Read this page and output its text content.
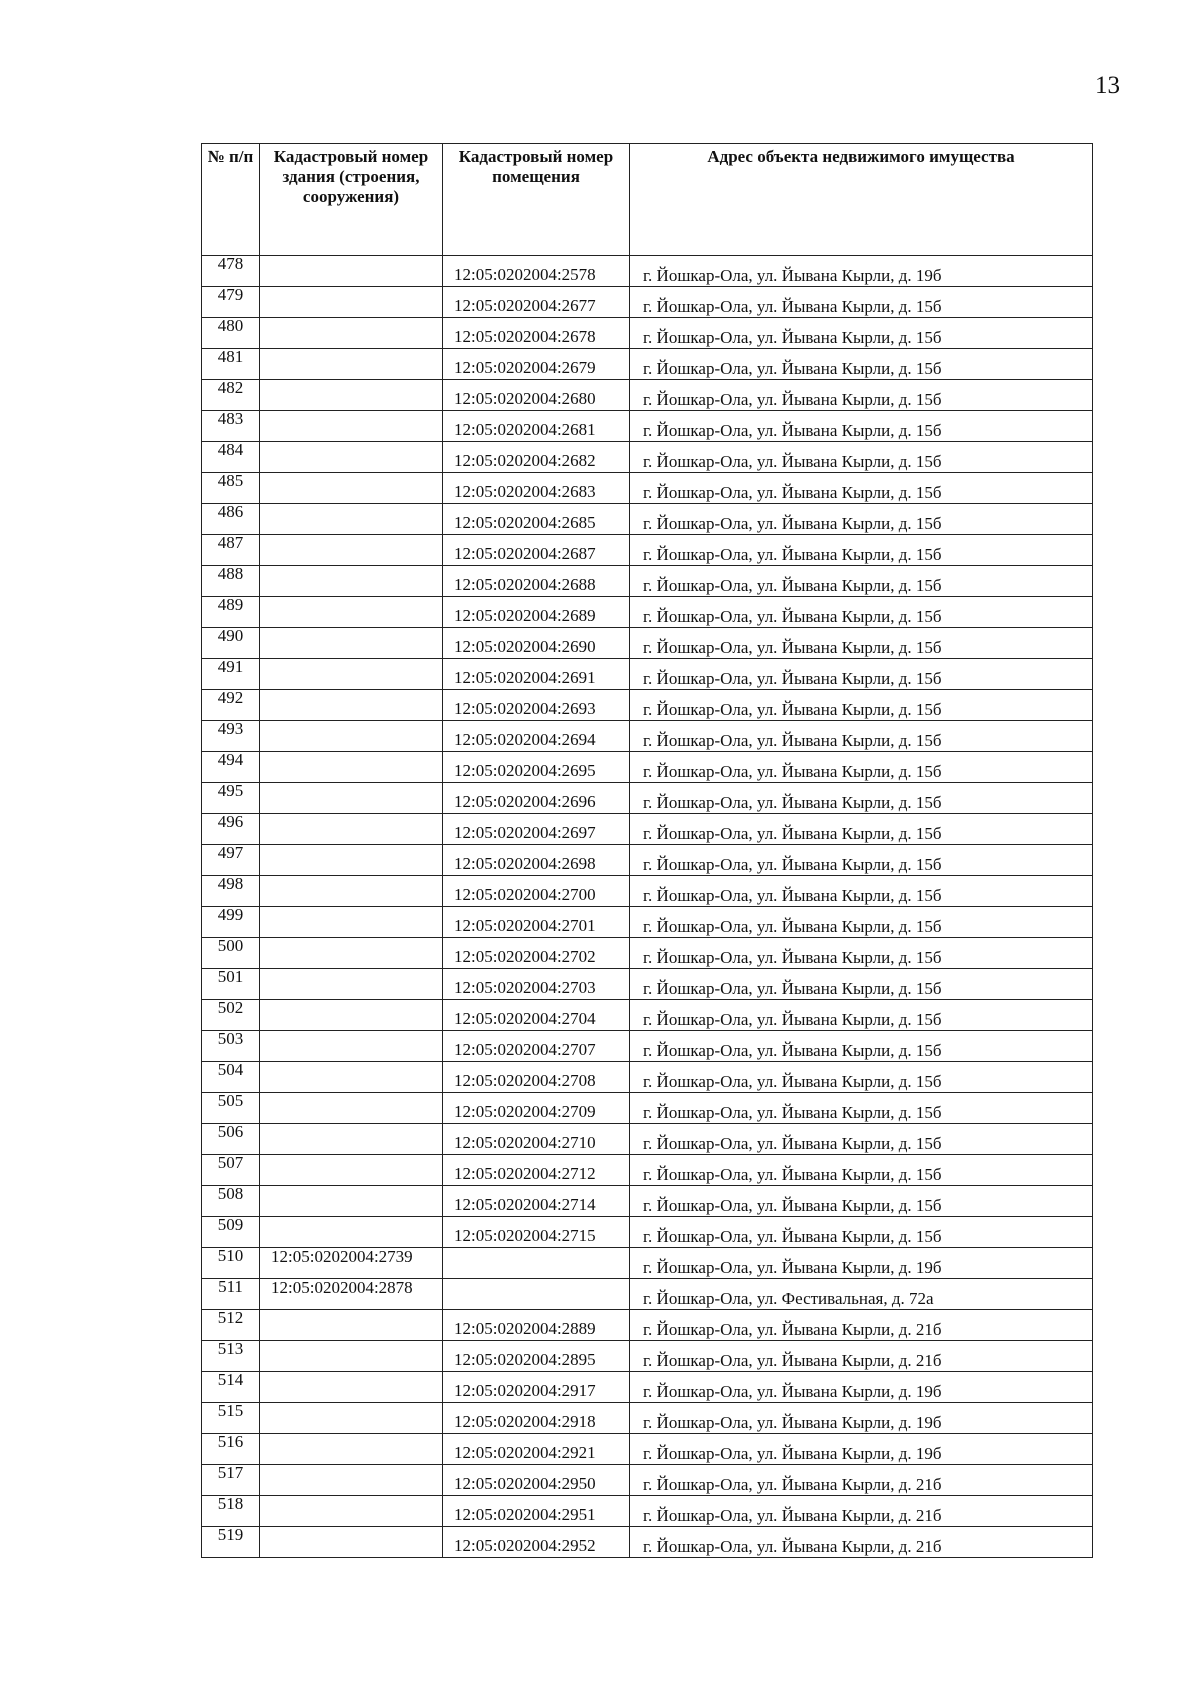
13
№ п/п	Кадастровый номер здания (строения, сооружения)	Кадастровый номер помещения	Адрес объекта недвижимого имущества

478		12:05:0202004:2578	г. Йошкар-Ола, ул. Йывана Кырли, д. 19б

479		12:05:0202004:2677	г. Йошкар-Ола, ул. Йывана Кырли, д. 15б

480		12:05:0202004:2678	г. Йошкар-Ола, ул. Йывана Кырли, д. 15б

481		12:05:0202004:2679	г. Йошкар-Ола, ул. Йывана Кырли, д. 15б

482		12:05:0202004:2680	г. Йошкар-Ола, ул. Йывана Кырли, д. 15б

483		12:05:0202004:2681	г. Йошкар-Ола, ул. Йывана Кырли, д. 15б

484		12:05:0202004:2682	г. Йошкар-Ола, ул. Йывана Кырли, д. 15б

485		12:05:0202004:2683	г. Йошкар-Ола, ул. Йывана Кырли, д. 15б

486		12:05:0202004:2685	г. Йошкар-Ола, ул. Йывана Кырли, д. 15б

487		12:05:0202004:2687	г. Йошкар-Ола, ул. Йывана Кырли, д. 15б

488		12:05:0202004:2688	г. Йошкар-Ола, ул. Йывана Кырли, д. 15б

489		12:05:0202004:2689	г. Йошкар-Ола, ул. Йывана Кырли, д. 15б

490		12:05:0202004:2690	г. Йошкар-Ола, ул. Йывана Кырли, д. 15б

491		12:05:0202004:2691	г. Йошкар-Ола, ул. Йывана Кырли, д. 15б

492		12:05:0202004:2693	г. Йошкар-Ола, ул. Йывана Кырли, д. 15б

493		12:05:0202004:2694	г. Йошкар-Ола, ул. Йывана Кырли, д. 15б

494		12:05:0202004:2695	г. Йошкар-Ола, ул. Йывана Кырли, д. 15б

495		12:05:0202004:2696	г. Йошкар-Ола, ул. Йывана Кырли, д. 15б

496		12:05:0202004:2697	г. Йошкар-Ола, ул. Йывана Кырли, д. 15б

497		12:05:0202004:2698	г. Йошкар-Ола, ул. Йывана Кырли, д. 15б

498		12:05:0202004:2700	г. Йошкар-Ола, ул. Йывана Кырли, д. 15б

499		12:05:0202004:2701	г. Йошкар-Ола, ул. Йывана Кырли, д. 15б

500		12:05:0202004:2702	г. Йошкар-Ола, ул. Йывана Кырли, д. 15б

501		12:05:0202004:2703	г. Йошкар-Ола, ул. Йывана Кырли, д. 15б

502		12:05:0202004:2704	г. Йошкар-Ола, ул. Йывана Кырли, д. 15б

503		12:05:0202004:2707	г. Йошкар-Ола, ул. Йывана Кырли, д. 15б

504		12:05:0202004:2708	г. Йошкар-Ола, ул. Йывана Кырли, д. 15б

505		12:05:0202004:2709	г. Йошкар-Ола, ул. Йывана Кырли, д. 15б

506		12:05:0202004:2710	г. Йошкар-Ола, ул. Йывана Кырли, д. 15б

507		12:05:0202004:2712	г. Йошкар-Ола, ул. Йывана Кырли, д. 15б

508		12:05:0202004:2714	г. Йошкар-Ола, ул. Йывана Кырли, д. 15б

509		12:05:0202004:2715	г. Йошкар-Ола, ул. Йывана Кырли, д. 15б

510	12:05:0202004:2739		г. Йошкар-Ола, ул. Йывана Кырли, д. 19б

511	12:05:0202004:2878		г. Йошкар-Ола, ул. Фестивальная, д. 72а

512		12:05:0202004:2889	г. Йошкар-Ола, ул. Йывана Кырли, д. 21б

513		12:05:0202004:2895	г. Йошкар-Ола, ул. Йывана Кырли, д. 21б

514		12:05:0202004:2917	г. Йошкар-Ола, ул. Йывана Кырли, д. 19б

515		12:05:0202004:2918	г. Йошкар-Ола, ул. Йывана Кырли, д. 19б

516		12:05:0202004:2921	г. Йошкар-Ола, ул. Йывана Кырли, д. 19б

517		12:05:0202004:2950	г. Йошкар-Ола, ул. Йывана Кырли, д. 21б

518		12:05:0202004:2951	г. Йошкар-Ола, ул. Йывана Кырли, д. 21б

519		12:05:0202004:2952	г. Йошкар-Ола, ул. Йывана Кырли, д. 21б
